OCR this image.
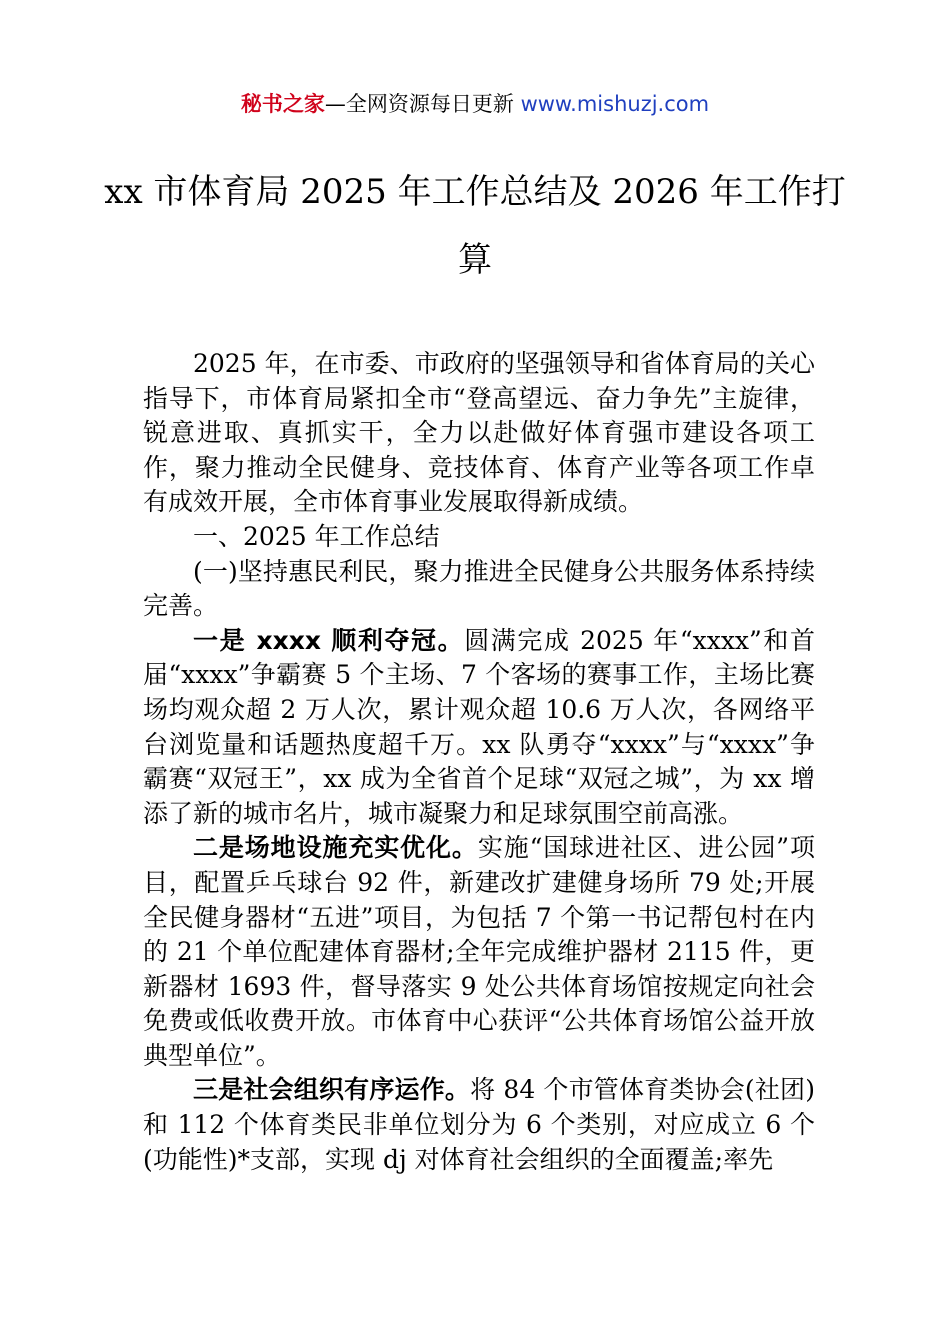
秘书之家—全网资源每日更新 www.mishuzj.com
xx 市体育局 2025 年工作总结及 2026 年工作打算

2025 年，在市委、市政府的坚强领导和省体育局的关心指导下，市体育局紧扣全市“登高望远、奋力争先”主旋律，锐意进取、真抓实干，全力以赴做好体育强市建设各项工作，聚力推动全民健身、竞技体育、体育产业等各项工作卓有成效开展，全市体育事业发展取得新成绩。

一、2025 年工作总结

(一)坚持惠民利民，聚力推进全民健身公共服务体系持续完善。

一是 xxxx 顺利夺冠。圆满完成 2025 年“xxxx”和首届“xxxx”争霸赛 5 个主场、7 个客场的赛事工作，主场比赛场均观众超 2 万人次，累计观众超 10.6 万人次，各网络平台浏览量和话题热度超千万。xx 队勇夺“xxxx”与“xxxx”争霸赛“双冠王”，xx 成为全省首个足球“双冠之城”，为 xx 增添了新的城市名片，城市凝聚力和足球氛围空前高涨。

二是场地设施充实优化。实施“国球进社区、进公园”项目，配置乒乓球台 92 件，新建改扩建健身场所 79 处;开展全民健身器材“五进”项目，为包括 7 个第一书记帮包村在内的 21 个单位配建体育器材;全年完成维护器材 2115 件，更新器材 1693 件，督导落实 9 处公共体育场馆按规定向社会免费或低收费开放。市体育中心获评“公共体育场馆公益开放典型单位”。

三是社会组织有序运作。将 84 个市管体育类协会(社团)和 112 个体育类民非单位划分为 6 个类别，对应成立 6 个(功能性)*支部，实现 dj 对体育社会组织的全面覆盖;率先
